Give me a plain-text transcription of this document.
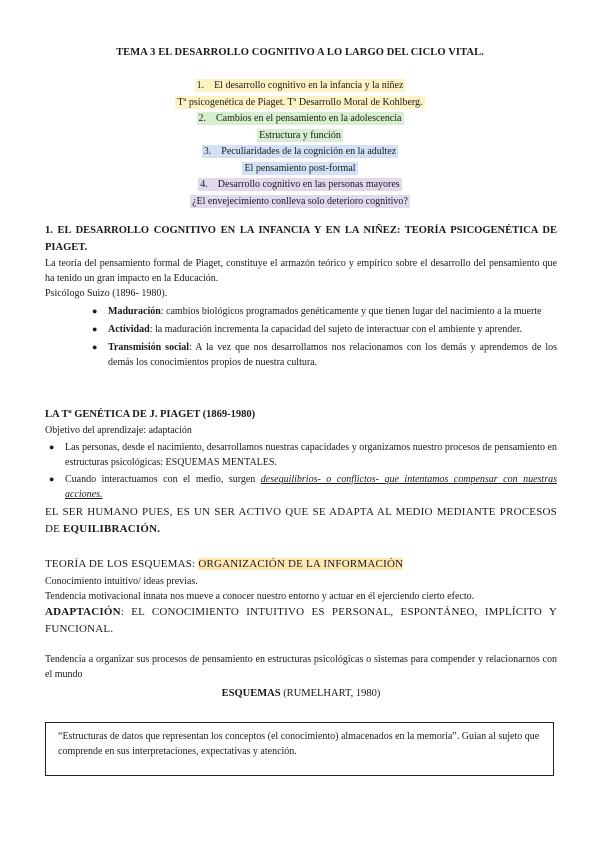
TEMA 3 EL DESARROLLO COGNITIVO A LO LARGO DEL CICLO VITAL.
1. El desarrollo cognitivo en la infancia y la niñez
Tª psicogenética de Piaget. Tª Desarrollo Moral de Kohlberg.
2. Cambios en el pensamiento en la adolescencia
Estructura y función
3. Peculiaridades de la cognición en la adultez
El pensamiento post-formal
4. Desarrollo cognitivo en las personas mayores
¿El envejecimiento conlleva solo deterioro cognitivo?
1. EL DESARROLLO COGNITIVO EN LA INFANCIA Y EN LA NIÑEZ: TEORÍA PSICOGENÉTICA DE PIAGET.
La teoría del pensamiento formal de Piaget, constituye el armazón teórico y empírico sobre el desarrollo del pensamiento que ha tenido un gran impacto en la Educación.
Psicólogo Suizo (1896- 1980).
● Maduración: cambios biológicos programados genéticamente y que tienen lugar del nacimiento a la muerte
● Actividad: la maduración incrementa la capacidad del sujeto de interactuar con el ambiente y aprender.
● Transmisión social: A la vez que nos desarrollamos nos relacionamos con los demás y aprendemos de los demás los conocimientos propios de nuestra cultura.
LA Tª GENÉTICA DE J. PIAGET (1869-1980)
Objetivo del aprendizaje: adaptación
● Las personas, desde el nacimiento, desarrollamos nuestras capacidades y organizamos nuestro procesos de pensamiento en estructuras psicológicas: ESQUEMAS MENTALES.
● Cuando interactuamos con el medio, surgen desequilibrios- o conflictos- que intentamos compensar con nuestras acciones.
EL SER HUMANO PUES, ES UN SER ACTIVO QUE SE ADAPTA AL MEDIO MEDIANTE PROCESOS DE EQUILIBRACIÓN.
TEORÍA DE LOS ESQUEMAS: ORGANIZACIÓN DE LA INFORMACIÓN
Conocimiento intuitivo/ ideas previas.
Tendencia motivacional innata nos mueve a conocer nuestro entorno y actuar en él ejerciendo cierto efecto.
ADAPTACIÓN: EL CONOCIMIENTO INTUITIVO ES PERSONAL, ESPONTÁNEO, IMPLÍCITO Y FUNCIONAL.
Tendencia a organizar sus procesos de pensamiento en estructuras psicológicas o sistemas para compender y relacionarnos con el mundo
ESQUEMAS (RUMELHART, 1980)
“Estructuras de datos que representan los conceptos (el conocimiento) almacenados en la memoria”. Guían al sujeto que comprende en sus interpretaciones, expectativas y atención.
